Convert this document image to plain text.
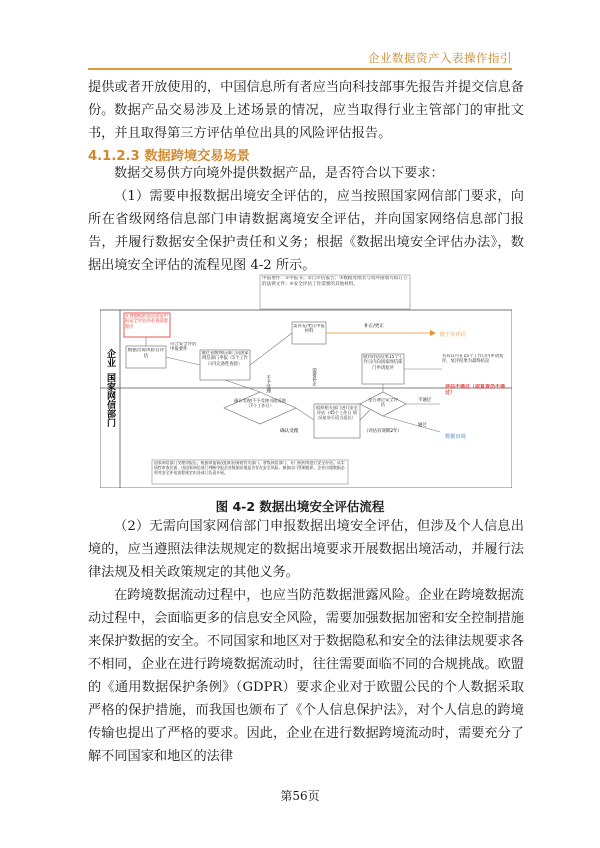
企业数据资产入表操作指引
提供或者开放使用的，中国信息所有者应当向科技部事先报告并提交信息备份。 数据产品交易涉及上述场景的情况，应当取得行业主管部门的审批文书，并且取得第三方评估单位出具的风险评估报告。
4.1.2.3 数据跨境交易场景
数据交易供方向境外提供数据产品，是否符合以下要求：
（1）需要申报数据出境安全评估的，应当按照国家网信部门要求，向所在省级网络信息部门申请数据离境安全评估，并向国家网络信息部门报告，并履行数据安全保护责任和义务；根据《数据出境安全评估办法》，数据出境安全评估的流程见图 4-2 所示。
企业
国家网信部门
申报要件：①申报书；②自评估报告；③数据处理者与境外接收方拟订立的法律文件；④安全评估工作需要的其他材料。
开展数据跨境活动前申报安全评估的必备前置程序
数据出境风险自评估
符合安全评估申报要件
通过省级网信部门向国家网信部门申报（5个工作日内完备性查验）
需补充/更正申报材料
补正/更正
限于在评估
收到评估结果15个工作日内向国家网信部门申请复评
有异议可在15个工作日内申请复评，复评结果为最终结论
评估不通过（或复查仍不通过）
不予受理	需要补正
确认受理/不予受理书面反馈（7个工作日）
确认受理
组织相关部门进行安全评估（45个工作日 情况复杂可适当延长）
是否通过安全评估
不通过
通过
数据出境
（评估有效期2年）
国家网信部门受理申报后，根据申报情况组织国务院有关部门、省级网信部门、专门机构等进行安全评估。从实质性审查层面，由国家网信部门判断申报企业数据出境是否存在安全风险。参加出口管制组织、企业出境数据必须对安全评估流程规定由各部门负责开展。
图 4-2 数据出境安全评估流程
（2）无需向国家网信部门申报数据出境安全评估，但涉及个人信息出境的，应当遵照法律法规规定的数据出境要求开展数据出境活动，并履行法律法规及相关政策规定的其他义务。
在跨境数据流动过程中，也应当防范数据泄露风险。企业在跨境数据流动过程中，会面临更多的信息安全风险，需要加强数据加密和安全控制措施来保护数据的安全。不同国家和地区对于数据隐私和安全的法律法规要求各不相同，企业在进行跨境数据流动时，往往需要面临不同的合规挑战。欧盟的《通用数据保护条例》（GDPR）要求企业对于欧盟公民的个人数据采取严格的保护措施，而我国也颁布了《个人信息保护法》，对个人信息的跨境传输也提出了严格的要求。因此，企业在进行数据跨境流动时，需要充分了解不同国家和地区的法律
第56页
